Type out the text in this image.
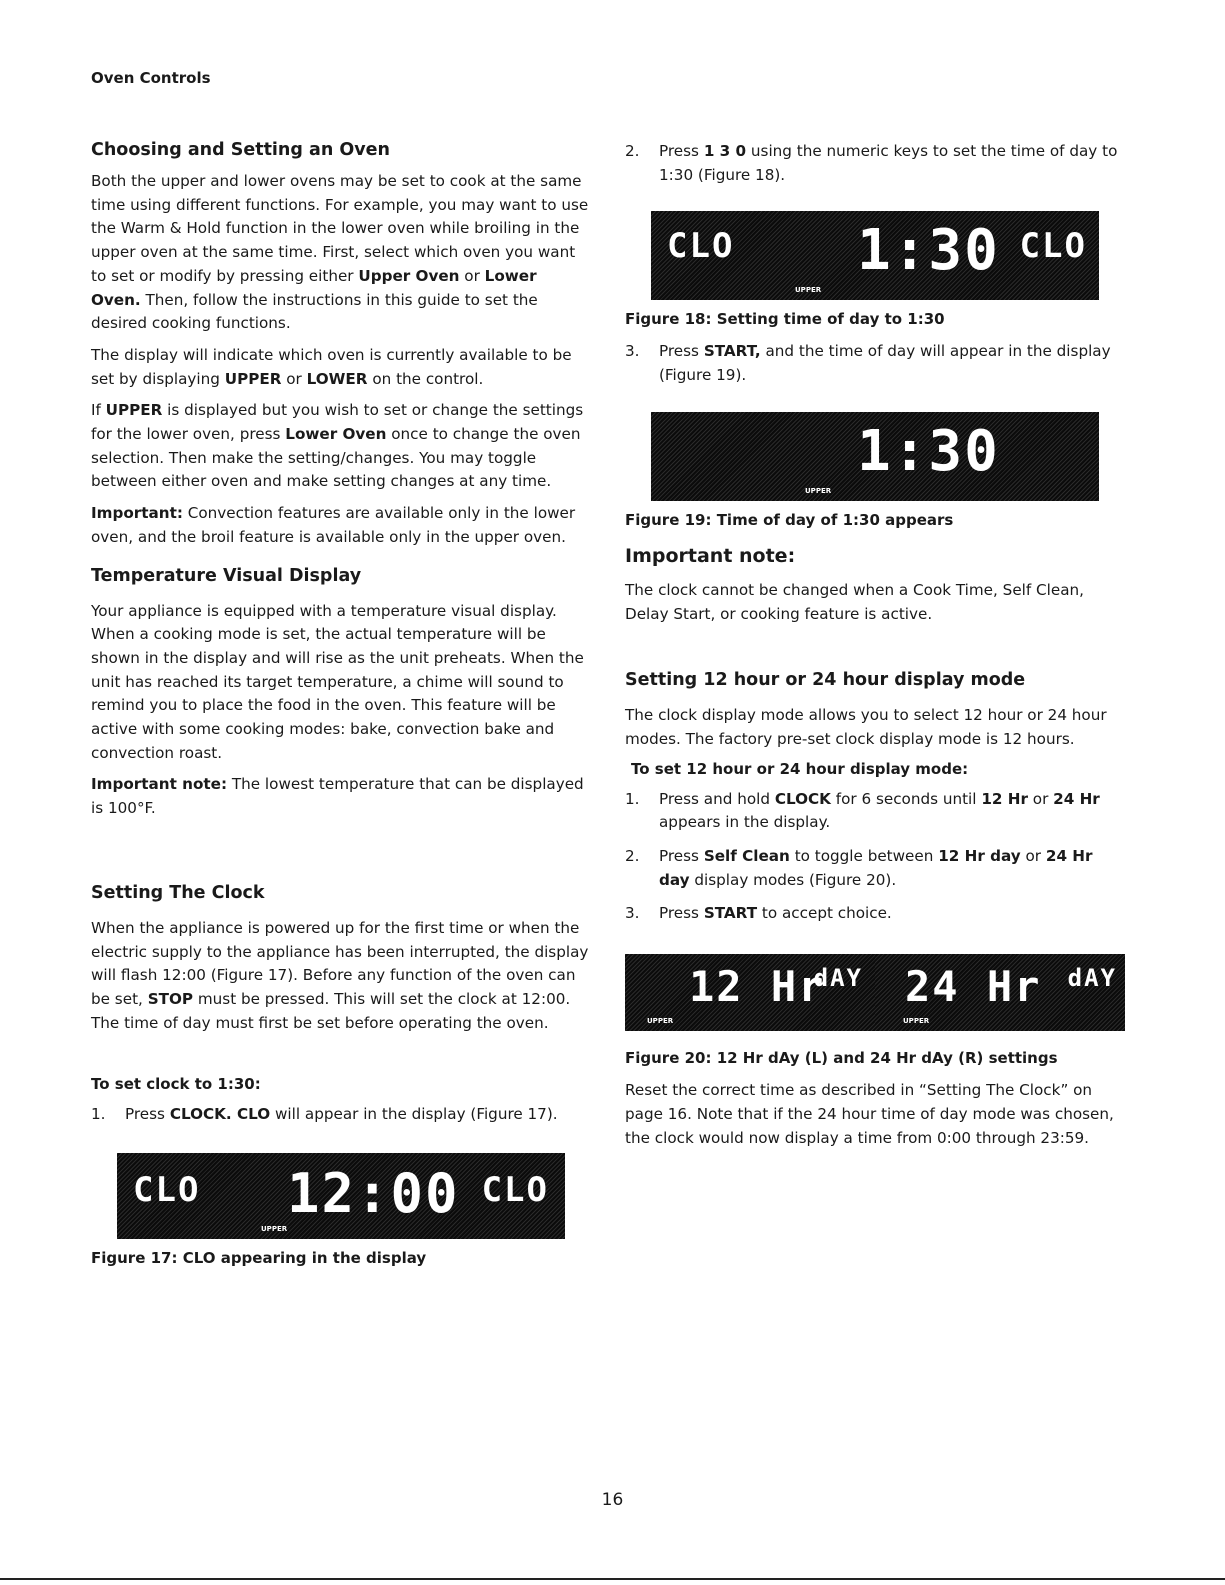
Oven Controls
Choosing and Setting an Oven

Both the upper and lower ovens may be set to cook at the same time using different functions. For example, you may want to use the Warm & Hold function in the lower oven while broiling in the upper oven at the same time. First, select which oven you want to set or modify by pressing either Upper Oven or Lower Oven. Then, follow the instructions in this guide to set the desired cooking functions.

The display will indicate which oven is currently available to be set by displaying UPPER or LOWER on the control.

If UPPER is displayed but you wish to set or change the settings for the lower oven, press Lower Oven once to change the oven selection. Then make the setting/changes. You may toggle between either oven and make setting changes at any time.

Important: Convection features are available only in the lower oven, and the broil feature is available only in the upper oven.

Temperature Visual Display

Your appliance is equipped with a temperature visual display. When a cooking mode is set, the actual temperature will be shown in the display and will rise as the unit preheats. When the unit has reached its target temperature, a chime will sound to remind you to place the food in the oven. This feature will be active with some cooking modes: bake, convection bake and convection roast.

Important note: The lowest temperature that can be displayed is 100°F.

Setting The Clock

When the appliance is powered up for the first time or when the electric supply to the appliance has been interrupted, the display will flash 12:00 (Figure 17). Before any function of the oven can be set, STOP must be pressed. This will set the clock at 12:00. The time of day must first be set before operating the oven.

To set clock to 1:30:
1.	Press CLOCK. CLO will appear in the display (Figure 17).
CLO 12:00 CLO
UPPER
Figure 17: CLO appearing in the display
2.	Press 1 3 0 using the numeric keys to set the time of day to 1:30 (Figure 18).
CLO 1:30 CLO
UPPER
Figure 18: Setting time of day to 1:30
3.	Press START, and the time of day will appear in the display (Figure 19).
1:30
UPPER
Figure 19: Time of day of 1:30 appears
Important note:

The clock cannot be changed when a Cook Time, Self Clean, Delay Start, or cooking feature is active.

Setting 12 hour or 24 hour display mode

The clock display mode allows you to select 12 hour or 24 hour modes. The factory pre-set clock display mode is 12 hours.

To set 12 hour or 24 hour display mode:
1.	Press and hold CLOCK for 6 seconds until 12 Hr or 24 Hr appears in the display.
2.	Press Self Clean to toggle between 12 Hr day or 24 Hr day display modes (Figure 20).
3.	Press START to accept choice.
12 Hr
dAY
UPPER
24 Hr dAY
UPPER
Figure 20: 12 Hr dAy (L) and 24 Hr dAy (R) settings

Reset the correct time as described in “Setting The Clock” on page 16. Note that if the 24 hour time of day mode was chosen, the clock would now display a time from 0:00 through 23:59.

16
